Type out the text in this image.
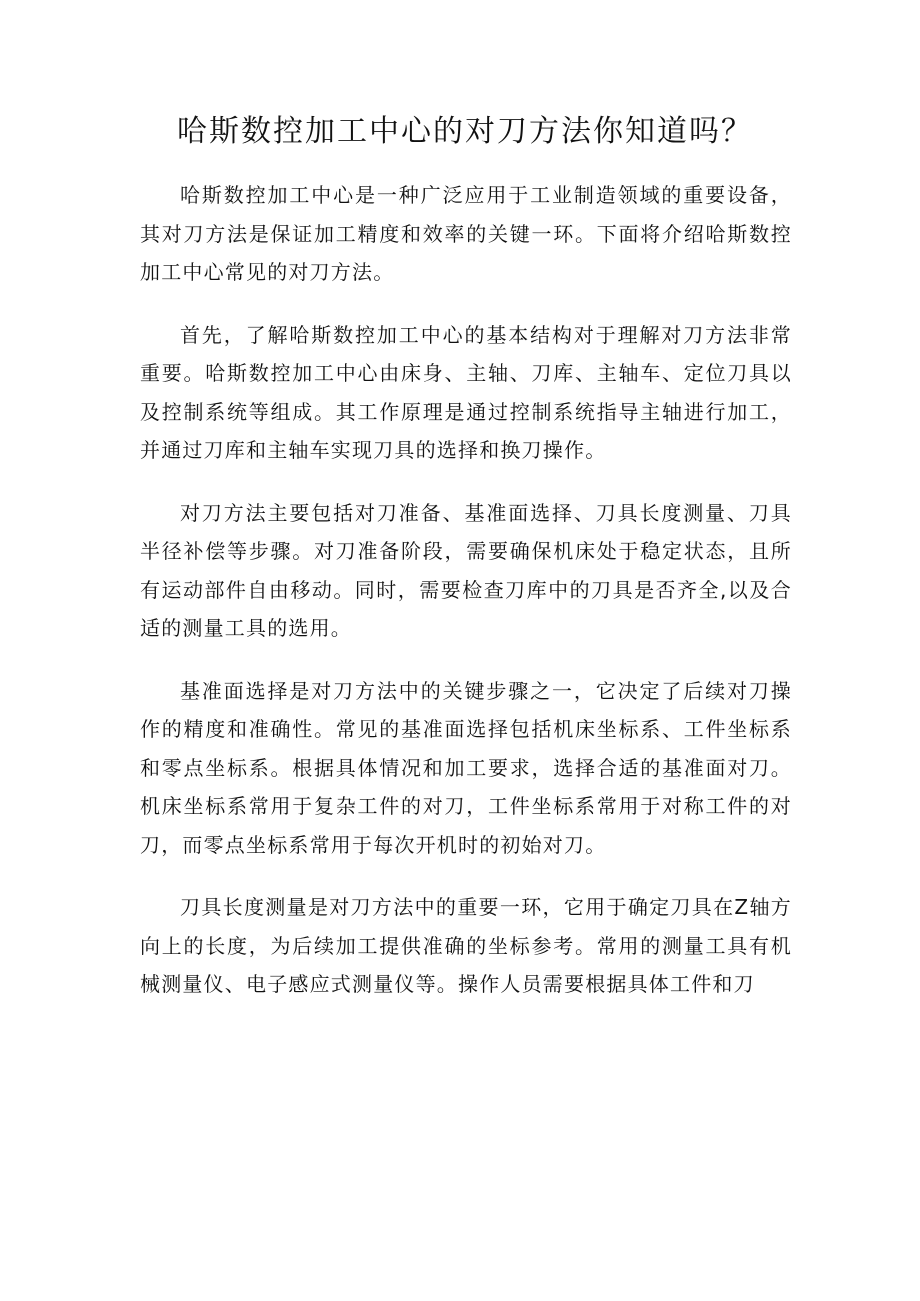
哈斯数控加工中心的对刀方法你知道吗？

哈斯数控加工中心是一种广泛应用于工业制造领域的重要设备，其对刀方法是保证加工精度和效率的关键一环。下面将介绍哈斯数控加工中心常见的对刀方法。

首先，了解哈斯数控加工中心的基本结构对于理解对刀方法非常重要。哈斯数控加工中心由床身、主轴、刀库、主轴车、定位刀具以及控制系统等组成。其工作原理是通过控制系统指导主轴进行加工，并通过刀库和主轴车实现刀具的选择和换刀操作。

对刀方法主要包括对刀准备、基准面选择、刀具长度测量、刀具半径补偿等步骤。对刀准备阶段，需要确保机床处于稳定状态，且所有运动部件自由移动。同时，需要检查刀库中的刀具是否齐全,以及合适的测量工具的选用。

基准面选择是对刀方法中的关键步骤之一，它决定了后续对刀操作的精度和准确性。常见的基准面选择包括机床坐标系、工件坐标系和零点坐标系。根据具体情况和加工要求，选择合适的基准面对刀。机床坐标系常用于复杂工件的对刀，工件坐标系常用于对称工件的对刀，而零点坐标系常用于每次开机时的初始对刀。

刀具长度测量是对刀方法中的重要一环，它用于确定刀具在Z轴方向上的长度，为后续加工提供准确的坐标参考。常用的测量工具有机械测量仪、电子感应式测量仪等。操作人员需要根据具体工件和刀
